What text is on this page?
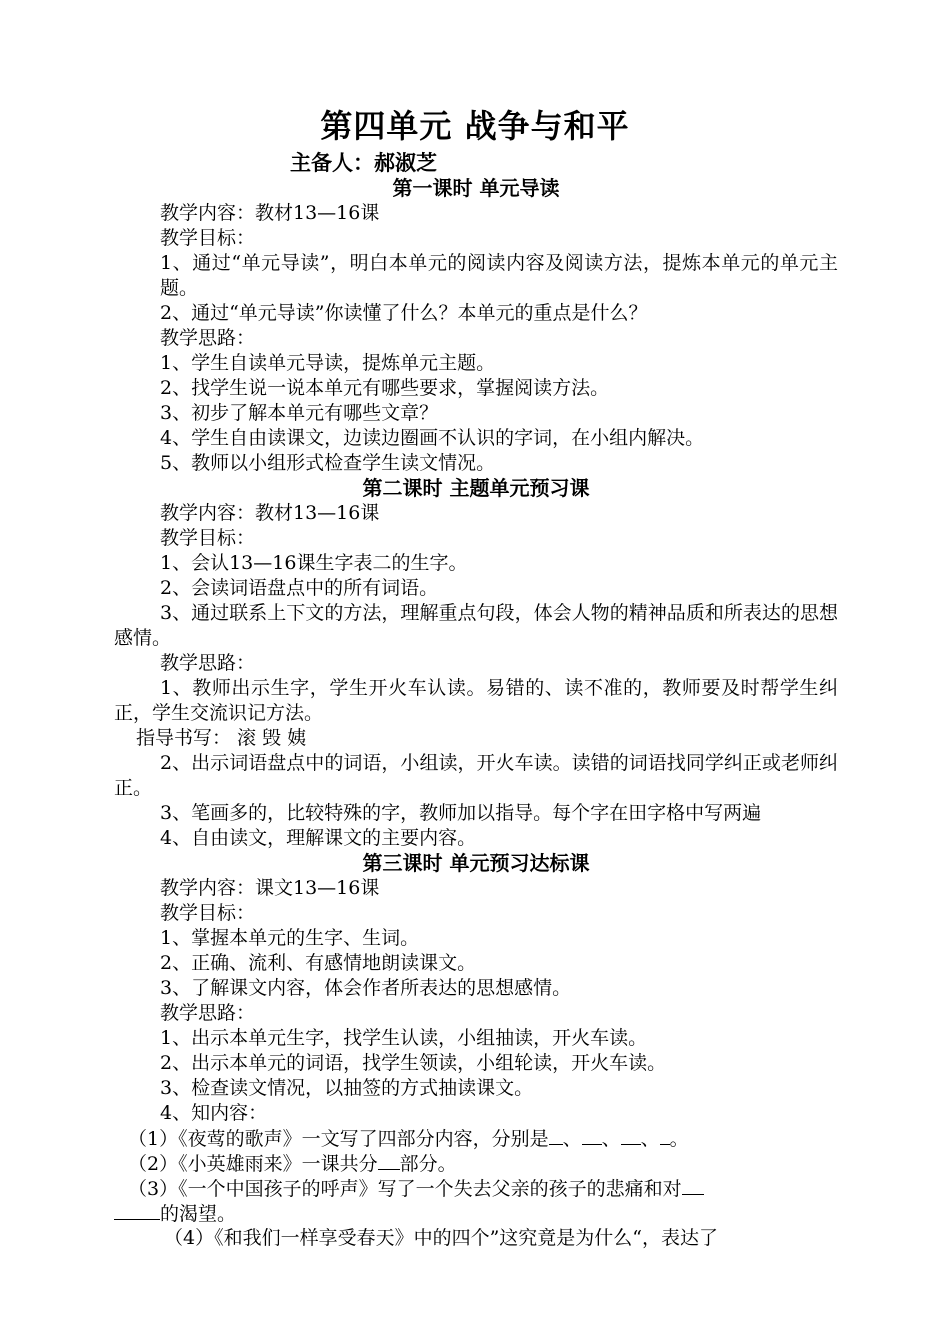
第四单元 战争与和平
主备人：郝淑芝
第一课时 单元导读
教学内容：教材13—16课
教学目标：
1、通过“单元导读”，明白本单元的阅读内容及阅读方法，提炼本单元的单元主题。
2、通过“单元导读”你读懂了什么？本单元的重点是什么？
教学思路：
1、学生自读单元导读，提炼单元主题。
2、找学生说一说本单元有哪些要求，掌握阅读方法。
3、初步了解本单元有哪些文章？
4、学生自由读课文，边读边圈画不认识的字词，在小组内解决。
5、教师以小组形式检查学生读文情况。
第二课时 主题单元预习课
教学内容：教材13—16课
教学目标：
1、会认13—16课生字表二的生字。
2、会读词语盘点中的所有词语。
3、通过联系上下文的方法，理解重点句段，体会人物的精神品质和所表达的思想感情。
教学思路：
1、教师出示生字，学生开火车认读。易错的、读不准的，教师要及时帮学生纠正，学生交流识记方法。
指导书写： 滚 毁 姨
2、出示词语盘点中的词语，小组读，开火车读。读错的词语找同学纠正或老师纠正。
3、笔画多的，比较特殊的字，教师加以指导。每个字在田字格中写两遍
4、自由读文，理解课文的主要内容。
第三课时 单元预习达标课
教学内容：课文13—16课
教学目标：
1、掌握本单元的生字、生词。
2、正确、流利、有感情地朗读课文。
3、了解课文内容，体会作者所表达的思想感情。
教学思路：
1、出示本单元生字，找学生认读，小组抽读，开火车读。
2、出示本单元的词语，找学生领读，小组轮读，开火车读。
3、检查读文情况，以抽签的方式抽读课文。
4、知内容：
（1）《夜莺的歌声》一文写了四部分内容，分别是 、 、 、 。
（2）《小英雄雨来》一课共分 部分。
（3）《一个中国孩子的呼声》写了一个失去父亲的孩子的悲痛和对
的渴望。
（4）《和我们一样享受春天》中的四个”这究竟是为什么“，表达了
